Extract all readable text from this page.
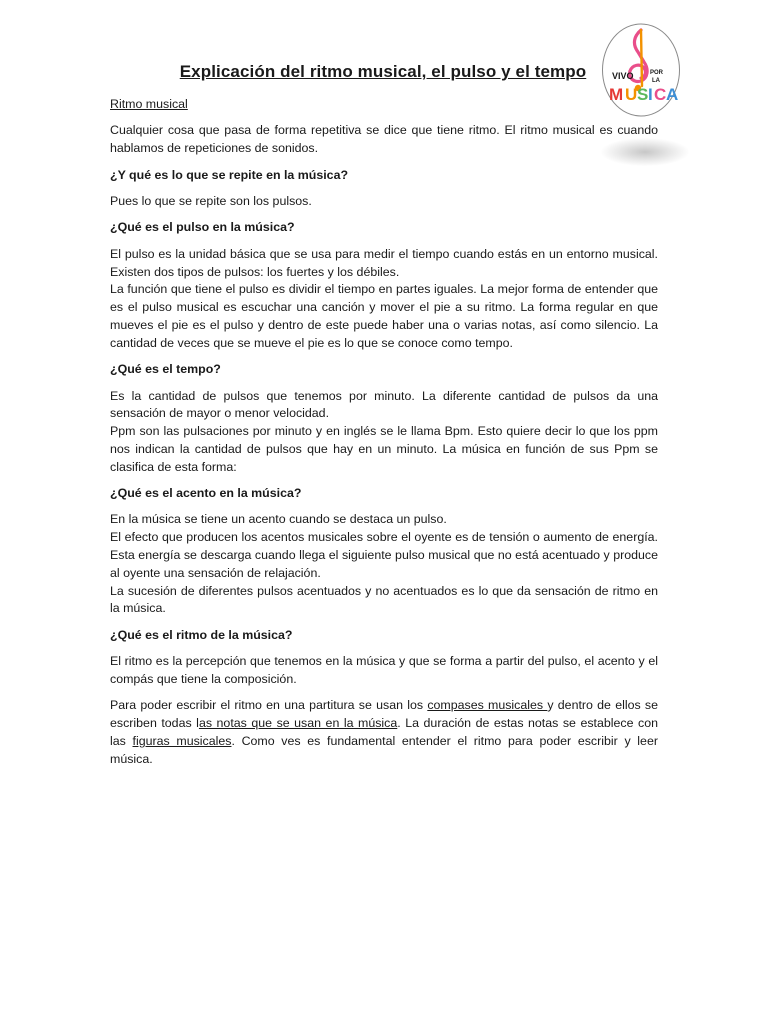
VIVO	POR
LA
M U S I C A
Explicación del ritmo musical, el pulso y el tempo
Ritmo musical

Cualquier cosa que pasa de forma repetitiva se dice que tiene ritmo. El ritmo musical es cuando hablamos de repeticiones de sonidos.

¿Y qué es lo que se repite en la música?

Pues lo que se repite son los pulsos.

¿Qué es el pulso en la música?

El pulso es la unidad básica que se usa para medir el tiempo cuando estás en un entorno musical. Existen dos tipos de pulsos: los fuertes y los débiles.

La función que tiene el pulso es dividir el tiempo en partes iguales. La mejor forma de entender que es el pulso musical es escuchar una canción y mover el pie a su ritmo. La forma regular en que mueves el pie es el pulso y dentro de este puede haber una o varias notas, así como silencio. La cantidad de veces que se mueve el pie es lo que se conoce como tempo.

¿Qué es el tempo?

Es la cantidad de pulsos que tenemos por minuto. La diferente cantidad de pulsos da una sensación de mayor o menor velocidad.

Ppm son las pulsaciones por minuto y en inglés se le llama Bpm. Esto quiere decir lo que los ppm nos indican la cantidad de pulsos que hay en un minuto. La música en función de sus Ppm se clasifica de esta forma:

¿Qué es el acento en la música?

En la música se tiene un acento cuando se destaca un pulso.

El efecto que producen los acentos musicales sobre el oyente es de tensión o aumento de energía. Esta energía se descarga cuando llega el siguiente pulso musical que no está acentuado y produce al oyente una sensación de relajación.

La sucesión de diferentes pulsos acentuados y no acentuados es lo que da sensación de ritmo en la música.

¿Qué es el ritmo de la música?

El ritmo es la percepción que tenemos en la música y que se forma a partir del pulso, el acento y el compás que tiene la composición.

Para poder escribir el ritmo en una partitura se usan los compases musicales y dentro de ellos se escriben todas las notas que se usan en la música. La duración de estas notas se establece con las figuras musicales. Como ves es fundamental entender el ritmo para poder escribir y leer música.
